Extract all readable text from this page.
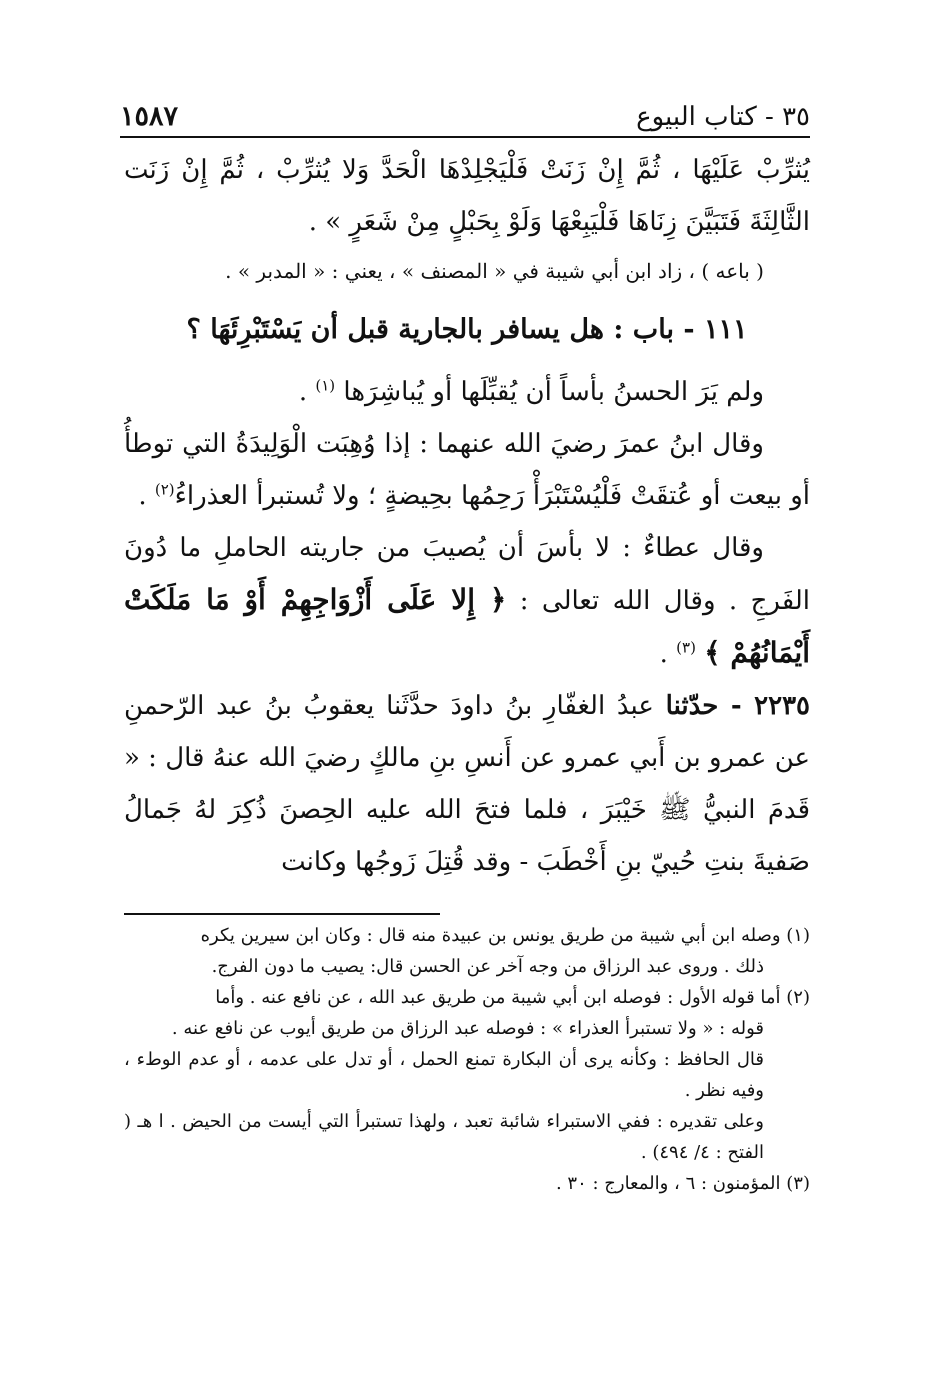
٣٥ - كتاب البيوع
١٥٨٧

يُثرِّبْ عَلَيْهَا ، ثُمَّ إِنْ زَنَتْ فَلْيَجْلِدْهَا الْحَدَّ وَلا يُثرِّبْ ، ثُمَّ إِنْ زَنَت الثَّالِثَةَ فَتَبَيَّنَ زِنَاهَا فَلْيَبِعْهَا وَلَوْ بِحَبْلٍ مِنْ شَعَرٍ » .

( باعه ) ، زاد ابن أبي شيبة في « المصنف » ، يعني : « المدبر » .

١١١ - باب : هل يسافر بالجارية قبل أن يَسْتَبْرِئَهَا ؟

ولم يَرَ الحسنُ بأساً أن يُقبِّلَها أو يُباشِرَها $^{(١)}$ .

وقال ابنُ عمرَ رضيَ الله عنهما : إذا وُهِبَت الْوَلِيدَةُ التي توطأُ أو بيعت أو عُتقَتْ فَلْيُسْتَبْرَأْ رَحِمُها بحِيضةٍ ؛ ولا تُستبرأ العذراءُ$^{(٢)}$ .

وقال عطاءٌ : لا بأسَ أن يُصيبَ من جاريته الحاملِ ما دُونَ الفَرجِ . وقال الله تعالى : ﴿ إِلا عَلَى أَزْوَاجِهِمْ أَوْ مَا مَلَكَتْ أَيْمَانُهُمْ ﴾ $^{(٣)}$ .

٢٢٣٥ - حدّثنا عبدُ الغفّارِ بنُ داودَ حدَّثَنا يعقوبُ بنُ عبد الرّحمنِ عن عمرو بن أَبي عمرو عن أَنسِ بنِ مالكٍ رضيَ الله عنهُ قال : « قَدمَ النبيُّ ﷺ خَيْبَرَ ، فلما فتحَ الله عليه الحِصنَ ذُكِرَ لهُ جَمالُ صَفيةَ بنتِ حُييّ بنِ أَخْطَبَ - وقد قُتِلَ زَوجُها وكانت

(١) وصله ابن أبي شيبة من طريق يونس بن عبيدة منه قال : وكان ابن سيرين يكره

ذلك . وروى عبد الرزاق من وجه آخر عن الحسن قال: يصيب ما دون الفرج.

(٢) أما قوله الأول : فوصله ابن أبي شيبة من طريق عبد الله ، عن نافع عنه . وأما

قوله : « ولا تستبرأ العذراء » : فوصله عبد الرزاق من طريق أيوب عن نافع عنه .

قال الحافظ : وكأنه يرى أن البكارة تمنع الحمل ، أو تدل على عدمه ، أو عدم الوطء ، وفيه نظر .

وعلى تقديره : ففي الاستبراء شائبة تعبد ، ولهذا تستبرأ التي أيست من الحيض . ا هـ ( الفتح : ٤/ ٤٩٤) .

(٣) المؤمنون : ٦ ، والمعارج : ٣٠ .
